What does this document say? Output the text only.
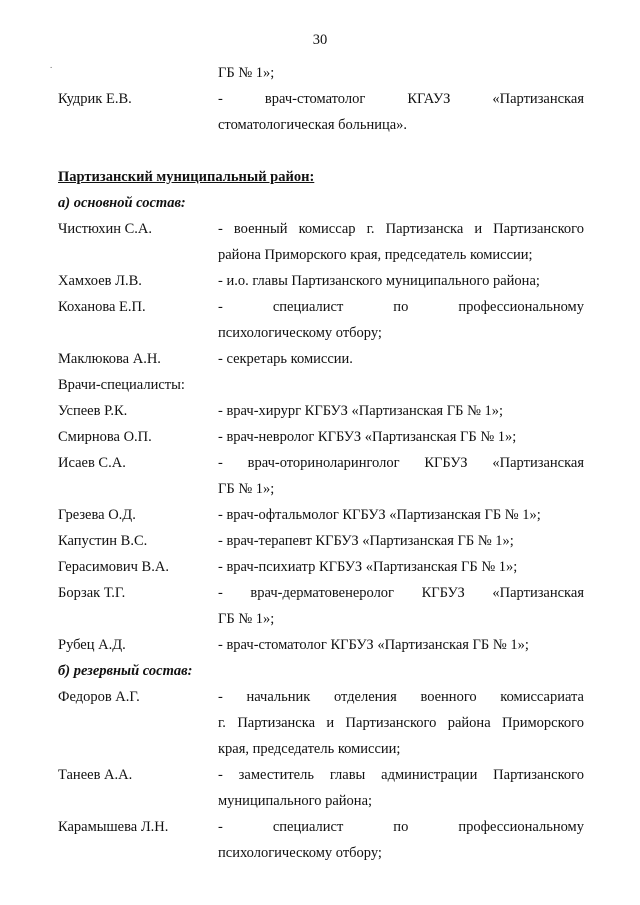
30
.	ГБ № 1»;
Кудрик Е.В.	- врач-стоматолог КГАУЗ «Партизанская
стоматологическая больница».
Партизанский муниципальный район:
а) основной состав:
Чистюхин С.А.	- военный комиссар г. Партизанска и Партизанского
района Приморского края, председатель комиссии;
Хамхоев Л.В.	- и.о. главы Партизанского муниципального района;
Коханова Е.П.	- специалист по профессиональному
психологическому отбору;
Маклюкова А.Н.	- секретарь комиссии.
Врачи-специалисты:
Успеев Р.К.	- врач-хирург КГБУЗ «Партизанская ГБ № 1»;
Смирнова О.П.	- врач-невролог КГБУЗ «Партизанская ГБ № 1»;
Исаев С.А.	- врач-оториноларинголог КГБУЗ «Партизанская
ГБ № 1»;
Грезева О.Д.	- врач-офтальмолог КГБУЗ «Партизанская ГБ № 1»;
Капустин В.С.	- врач-терапевт КГБУЗ «Партизанская ГБ № 1»;
Герасимович В.А.	- врач-психиатр КГБУЗ «Партизанская ГБ № 1»;
Борзак Т.Г.	- врач-дерматовенеролог КГБУЗ «Партизанская
ГБ № 1»;
Рубец А.Д.	- врач-стоматолог КГБУЗ «Партизанская ГБ № 1»;
б) резервный состав:
Федоров А.Г.	- начальник отделения военного комиссариата
г. Партизанска и Партизанского района Приморского
края, председатель комиссии;
Танеев А.А.	- заместитель главы администрации Партизанского
муниципального района;
Карамышева Л.Н.	- специалист по профессиональному
психологическому отбору;
